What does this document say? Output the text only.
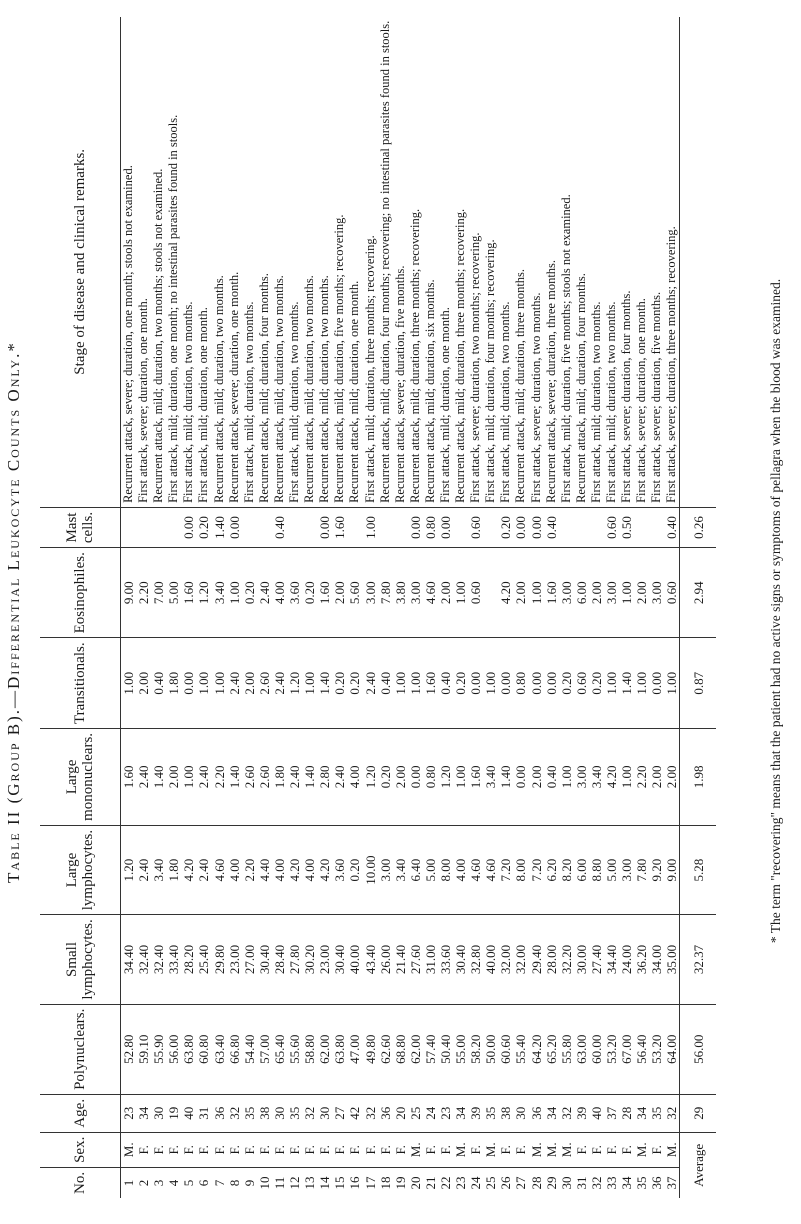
Table II (Group B).—Differential Leukocyte Counts Only.*
No.	Sex.	Age.	Polynuclears.	Small lymphocytes.	Large lymphocytes.	Large mononuclears.	Transitionals.	Eosinophiles.	Mast cells.	Stage of disease and clinical remarks.
1	M.	23	52.80	34.40	1.20	1.60	1.00	9.00		Recurrent attack, severe; duration, one month; stools not examined.
2	F.	34	59.10	32.40	2.40	2.40	2.00	2.20		First attack, severe; duration, one month.
3	F.	30	55.90	32.40	3.40	1.40	0.40	7.00		Recurrent attack, mild; duration, two months; stools not examined.
4	F.	19	56.00	33.40	1.80	2.00	1.80	5.00		First attack, mild; duration, one month; no intestinal parasites found in stools.
5	F.	40	63.80	28.20	4.20	1.00	0.00	1.60	0.00	First attack, mild; duration, two months.
6	F.	31	60.80	25.40	2.40	2.40	1.00	1.20	0.20	First attack, mild; duration, one month.
7	F.	36	63.40	29.80	4.60	2.20	1.00	3.40	1.40	Recurrent attack, mild; duration, two months.
8	F.	32	66.80	23.00	4.00	1.40	2.40	1.00	0.00	Recurrent attack, severe; duration, one month.
9	F.	35	54.40	27.00	2.20	2.60	2.00	0.20		First attack, mild; duration, two months.
10	F.	38	57.00	30.40	4.40	2.60	2.60	2.40		Recurrent attack, mild; duration, four months.
11	F.	30	65.40	28.40	4.00	1.80	2.40	4.00	0.40	Recurrent attack, mild; duration, two months.
12	F.	35	55.60	27.80	4.20	2.40	1.20	3.60		First attack, mild; duration, two months.
13	F.	32	58.80	30.20	4.00	1.40	1.00	0.20		Recurrent attack, mild; duration, two months.
14	F.	30	62.00	23.00	4.20	2.80	1.40	1.60	0.00	Recurrent attack, mild; duration, two months.
15	F.	27	63.80	30.40	3.60	2.40	0.20	2.00	1.60	Recurrent attack, mild; duration, five months; recovering.
16	F.	42	47.00	40.00	0.20	4.00	0.20	5.60		Recurrent attack, mild; duration, one month.
17	F.	32	49.80	43.40	10.00	1.20	2.40	3.00	1.00	First attack, mild; duration, three months; recovering.
18	F.	36	62.60	26.00	3.00	0.20	0.40	7.80		Recurrent attack, mild; duration, four months; recovering; no intestinal parasites found in stools.
19	F.	20	68.80	21.40	3.40	2.00	1.00	3.80		Recurrent attack, severe; duration, five months.
20	M.	25	62.00	27.60	6.40	0.00	1.00	3.00	0.00	Recurrent attack, mild; duration, three months; recovering.
21	F.	24	57.40	31.00	5.00	0.80	1.60	4.60	0.80	Recurrent attack, mild; duration, six months.
22	F.	23	50.40	33.60	8.00	1.20	0.40	2.00	0.00	First attack, mild; duration, one month.
23	M.	34	55.00	30.40	4.00	1.00	0.20	1.00		Recurrent attack, mild; duration, three months; recovering.
24	F.	39	58.20	32.80	4.60	1.60	0.00	0.60	0.60	First attack, severe; duration, two months; recovering.
25	M.	35	50.00	40.00	4.60	3.40	1.00			First attack, mild; duration, four months; recovering.
26	F.	38	60.60	32.00	7.20	1.40	0.00	4.20	0.20	First attack, mild; duration, two months.
27	F.	30	55.40	32.00	8.00	0.00	0.80	2.00	0.00	Recurrent attack, mild; duration, three months.
28	M.	36	64.20	29.40	7.20	2.00	0.00	1.00	0.00	First attack, severe; duration, two months.
29	M.	34	65.20	28.00	6.20	0.40	0.00	1.60	0.40	Recurrent attack, severe; duration, three months.
30	M.	32	55.80	32.20	8.20	1.00	0.20	3.00		First attack, mild; duration, five months; stools not examined.
31	F.	39	63.00	30.00	6.00	3.00	0.60	6.00		Recurrent attack, mild; duration, four months.
32	F.	40	60.00	27.40	8.80	3.40	0.20	2.00		First attack, mild; duration, two months.
33	F.	37	53.20	34.40	5.00	4.20	1.00	3.00	0.60	First attack, mild; duration, two months.
34	F.	28	67.00	24.00	3.00	1.00	1.40	1.00	0.50	First attack, severe; duration, four months.
35	M.	34	56.40	36.20	7.80	2.20	1.00	2.00		First attack, severe; duration, one month.
36	F.	35	53.20	34.00	9.20	2.00	0.00	3.00		First attack, severe; duration, five months.
37	M.	32	64.00	35.00	9.00	2.00	1.00	0.60	0.40	First attack, severe; duration, three months; recovering.
Average		29	56.00	32.37	5.28	1.98	0.87	2.94	0.26		* The term "recovering" means that the patient had no active signs or symptoms of pellagra when the blood was examined.
